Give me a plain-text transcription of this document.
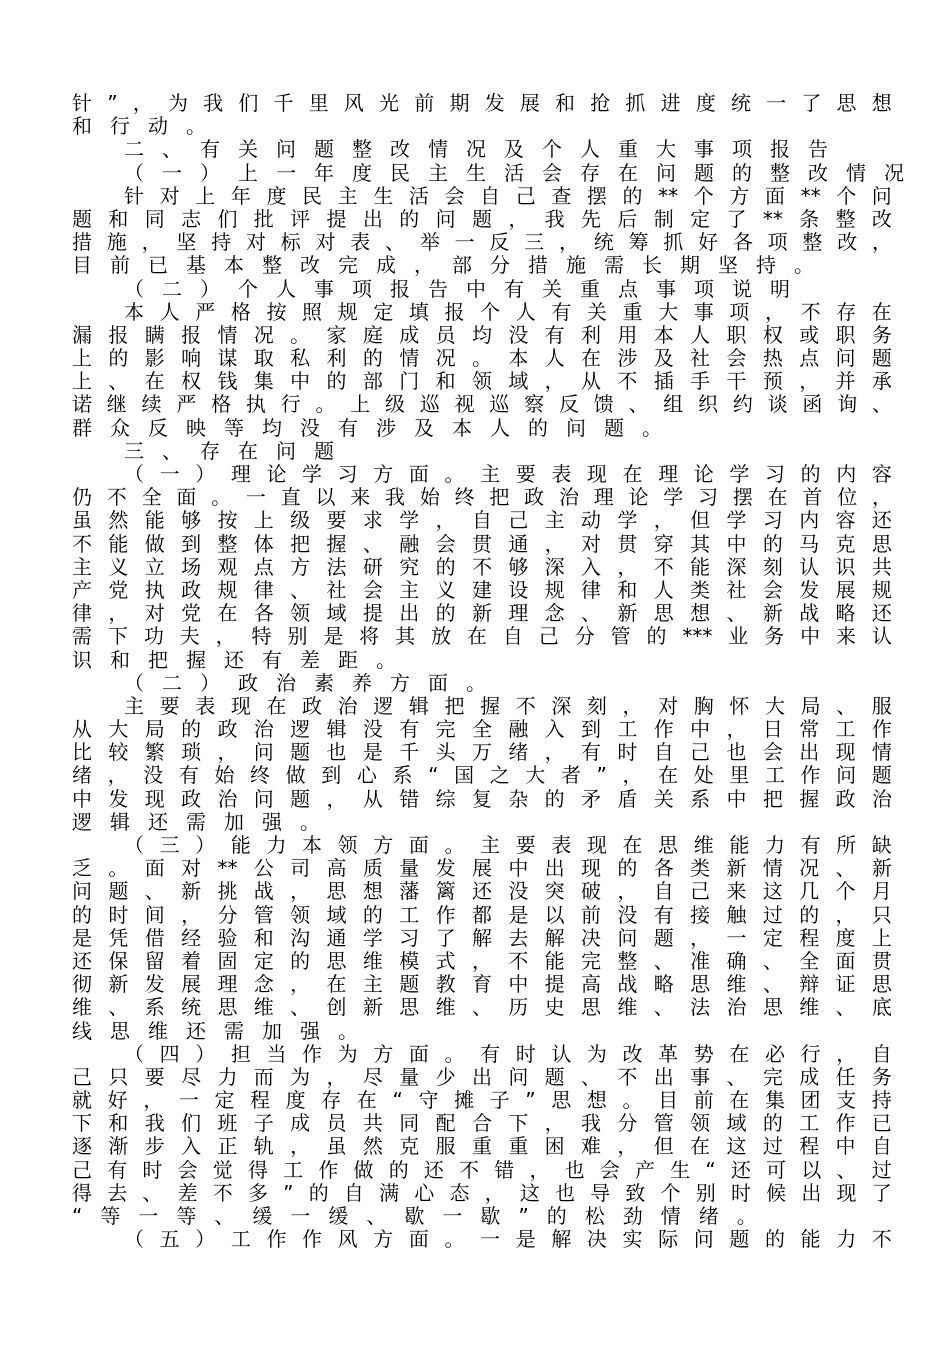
针 ” ， 为 我 们 千 里 风 光 前 期 发 展 和 抢 抓 进 度 统 一 了 思 想
和 行 动 。
二 、 有 关 问 题 整 改 情 况 及 个 人 重 大 事 项 报 告
（ 一 ） 上 一 年 度 民 主 生 活 会 存 在 问 题 的 整 改 情 况
针 对 上 年 度 民 主 生 活 会 自 己 查 摆 的 ** 个 方 面 ** 个 问
题 和 同 志 们 批 评 提 出 的 问 题 ， 我 先 后 制 定 了 ** 条 整 改
措 施 ， 坚 持 对 标 对 表 、 举 一 反 三 ， 统 筹 抓 好 各 项 整 改 ，
目 前 已 基 本 整 改 完 成 ， 部 分 措 施 需 长 期 坚 持 。
（ 二 ） 个 人 事 项 报 告 中 有 关 重 点 事 项 说 明
本 人 严 格 按 照 规 定 填 报 个 人 有 关 重 大 事 项 ， 不 存 在
漏 报 瞒 报 情 况 。 家 庭 成 员 均 没 有 利 用 本 人 职 权 或 职 务
上 的 影 响 谋 取 私 利 的 情 况 。 本 人 在 涉 及 社 会 热 点 问 题
上 、 在 权 钱 集 中 的 部 门 和 领 域 ， 从 不 插 手 干 预 ， 并 承
诺 继 续 严 格 执 行 。 上 级 巡 视 巡 察 反 馈 、 组 织 约 谈 函 询 、
群 众 反 映 等 均 没 有 涉 及 本 人 的 问 题 。
三 、 存 在 问 题
（ 一 ） 理 论 学 习 方 面 。 主 要 表 现 在 理 论 学 习 的 内 容
仍 不 全 面 。 一 直 以 来 我 始 终 把 政 治 理 论 学 习 摆 在 首 位 ，
虽 然 能 够 按 上 级 要 求 学 ， 自 己 主 动 学 ， 但 学 习 内 容 还
不 能 做 到 整 体 把 握 、 融 会 贯 通 ， 对 贯 穿 其 中 的 马 克 思
主 义 立 场 观 点 方 法 研 究 的 不 够 深 入 ， 不 能 深 刻 认 识 共
产 党 执 政 规 律 、 社 会 主 义 建 设 规 律 和 人 类 社 会 发 展 规
律 ， 对 党 在 各 领 域 提 出 的 新 理 念 、 新 思 想 、 新 战 略 还
需 下 功 夫 ， 特 别 是 将 其 放 在 自 己 分 管 的 *** 业 务 中 来 认
识 和 把 握 还 有 差 距 。
（ 二 ） 政 治 素 养 方 面 。
主 要 表 现 在 政 治 逻 辑 把 握 不 深 刻 ， 对 胸 怀 大 局 、 服
从 大 局 的 政 治 逻 辑 没 有 完 全 融 入 到 工 作 中 ， 日 常 工 作
比 较 繁 琐 ， 问 题 也 是 千 头 万 绪 ， 有 时 自 己 也 会 出 现 情
绪 ， 没 有 始 终 做 到 心 系 “ 国 之 大 者 ” ， 在 处 里 工 作 问 题
中 发 现 政 治 问 题 ， 从 错 综 复 杂 的 矛 盾 关 系 中 把 握 政 治
逻 辑 还 需 加 强 。
（ 三 ） 能 力 本 领 方 面 。 主 要 表 现 在 思 维 能 力 有 所 缺
乏 。 面 对 ** 公 司 高 质 量 发 展 中 出 现 的 各 类 新 情 况 、 新
问 题 、 新 挑 战 ， 思 想 藩 篱 还 没 突 破 ， 自 己 来 这 几 个 月
的 时 间 ， 分 管 领 域 的 工 作 都 是 以 前 没 有 接 触 过 的 ， 只
是 凭 借 经 验 和 沟 通 学 习 了 解 去 解 决 问 题 ， 一 定 程 度 上
还 保 留 着 固 定 的 思 维 模 式 ， 不 能 完 整 、 准 确 、 全 面 贯
彻 新 发 展 理 念 ， 在 主 题 教 育 中 提 高 战 略 思 维 、 辩 证 思
维 、 系 统 思 维 、 创 新 思 维 、 历 史 思 维 、 法 治 思 维 、 底
线 思 维 还 需 加 强 。
（ 四 ） 担 当 作 为 方 面 。 有 时 认 为 改 革 势 在 必 行 ， 自
己 只 要 尽 力 而 为 ， 尽 量 少 出 问 题 、 不 出 事 、 完 成 任 务
就 好 ， 一 定 程 度 存 在 “ 守 摊 子 ” 思 想 。 目 前 在 集 团 支 持
下 和 我 们 班 子 成 员 共 同 配 合 下 ， 我 分 管 领 域 的 工 作 已
逐 渐 步 入 正 轨 ， 虽 然 克 服 重 重 困 难 ， 但 在 这 过 程 中 自
己 有 时 会 觉 得 工 作 做 的 还 不 错 ， 也 会 产 生 “ 还 可 以 、 过
得 去 、 差 不 多 ” 的 自 满 心 态 ， 这 也 导 致 个 别 时 候 出 现 了
“ 等 一 等 、 缓 一 缓 、 歇 一 歇 ” 的 松 劲 情 绪 。
（ 五 ） 工 作 作 风 方 面 。 一 是 解 决 实 际 问 题 的 能 力 不
